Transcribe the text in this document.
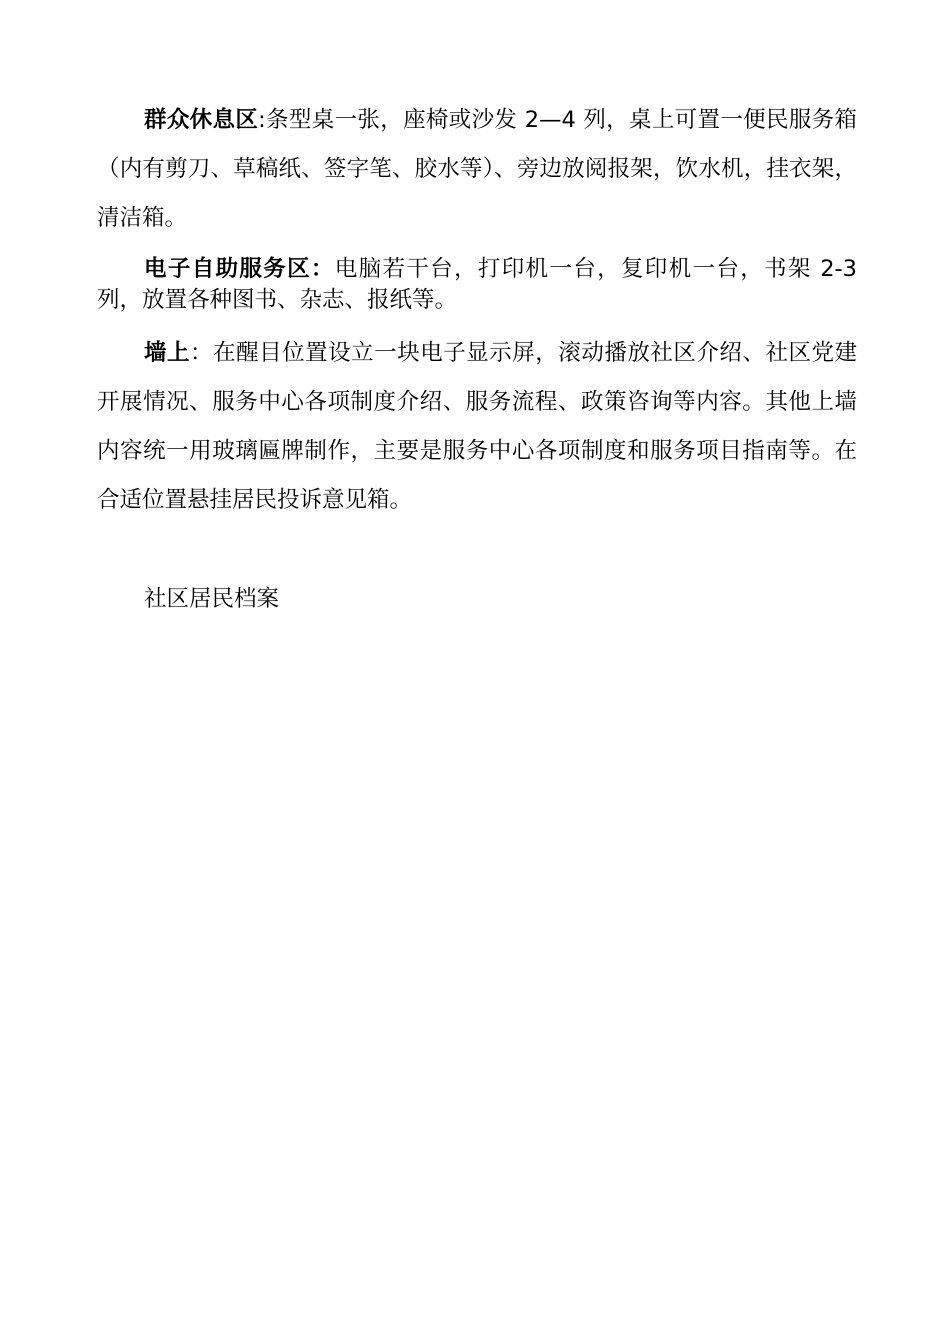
群众休息区:条型桌一张，座椅或沙发 2—4 列，桌上可置一便民服务箱（内有剪刀、草稿纸、签字笔、胶水等）、旁边放阅报架，饮水机，挂衣架，清洁箱。

电子自助服务区：电脑若干台，打印机一台，复印机一台，书架 2-3 列，放置各种图书、杂志、报纸等。

墙上：在醒目位置设立一块电子显示屏，滚动播放社区介绍、社区党建开展情况、服务中心各项制度介绍、服务流程、政策咨询等内容。其他上墙内容统一用玻璃匾牌制作，主要是服务中心各项制度和服务项目指南等。在合适位置悬挂居民投诉意见箱。

社区居民档案
